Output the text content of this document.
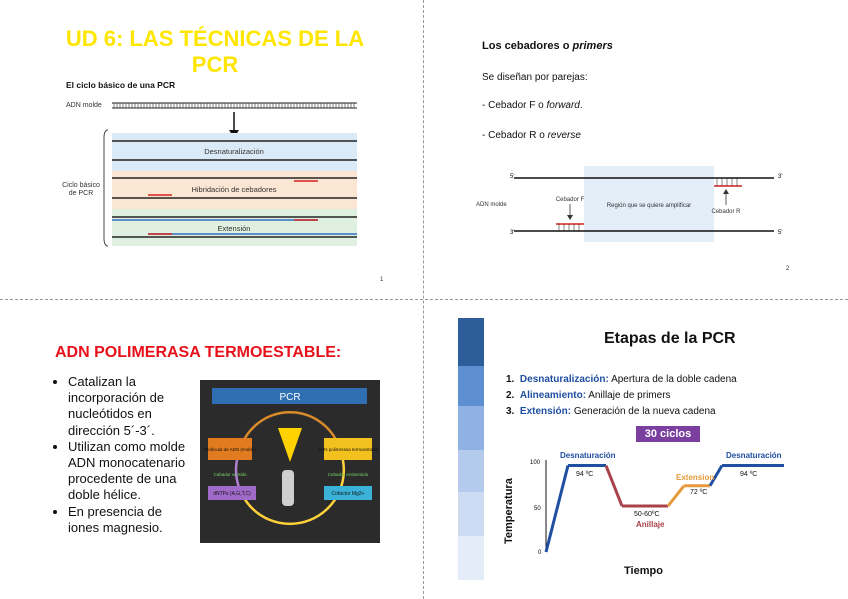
UD 6: LAS TÉCNICAS DE LA PCR
El ciclo básico de una PCR
ADN molde
Ciclo básico de PCR
Desnaturalización
Hibridación de cebadores
Extensión
1
Los cebadores o primers
Se diseñan por parejas:
- Cebador F o forward.
- Cebador R o reverse
5'	3'
3'	5'
ADN molde	Región que se quiere amplificar
Cebador F
Cebador R
2
ADN POLIMERASA TERMOESTABLE:
• Catalizan la
incorporación de
nucleótidos en
dirección 5´-3´.
• Utilizan como molde
ADN monocatenario
procedente de una
doble hélice.
• En presencia de
iones magnesio.
PCR
Molécula de ADN (molde)	ADN polimerasa termoestable
Cebador sentido	Cebador Antisentido
dNTPs (A,G,T,C)	Cofactor Mg2+
Etapas de la PCR
1. Desnaturalización: Apertura de la doble cadena
2. Alineamiento: Anillaje de primers
3. Extensión: Generación de la nueva cadena
30 ciclos
Temperatura
100
50
0
Desnaturación
94 ºC
50-60ºC
Anillaje
Extension
72 ºC
Desnaturación
94 ºC
Tiempo
